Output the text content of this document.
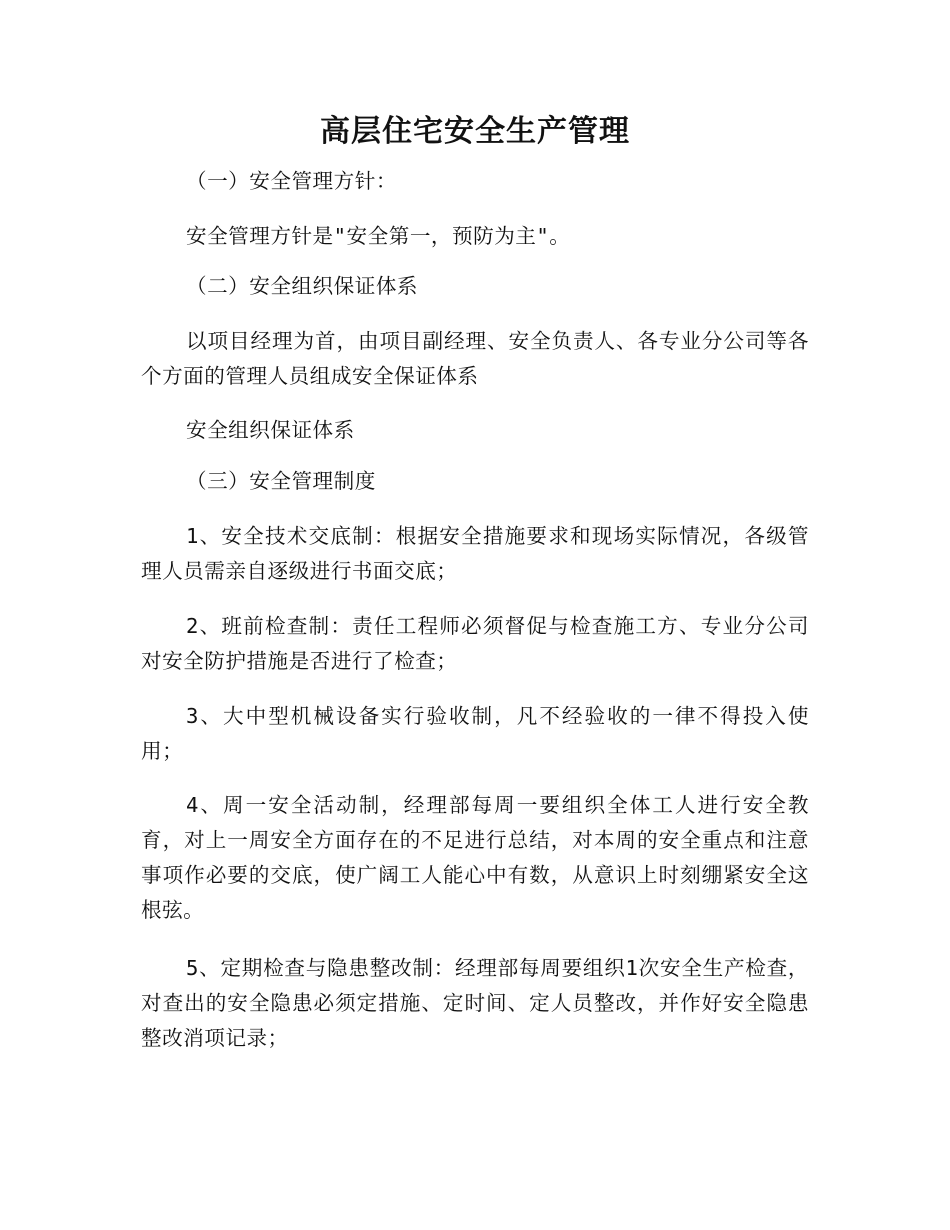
高层住宅安全生产管理

（一）安全管理方针：

安全管理方针是"安全第一，预防为主"。

（二）安全组织保证体系

以项目经理为首，由项目副经理、安全负责人、各专业分公司等各个方面的管理人员组成安全保证体系

安全组织保证体系

（三）安全管理制度

1、安全技术交底制：根据安全措施要求和现场实际情况，各级管理人员需亲自逐级进行书面交底；

2、班前检查制：责任工程师必须督促与检查施工方、专业分公司对安全防护措施是否进行了检查；

3、大中型机械设备实行验收制，凡不经验收的一律不得投入使用；

4、周一安全活动制，经理部每周一要组织全体工人进行安全教育，对上一周安全方面存在的不足进行总结，对本周的安全重点和注意事项作必要的交底，使广阔工人能心中有数，从意识上时刻绷紧安全这根弦。

5、定期检查与隐患整改制：经理部每周要组织1次安全生产检查，对查出的安全隐患必须定措施、定时间、定人员整改，并作好安全隐患整改消项记录；
